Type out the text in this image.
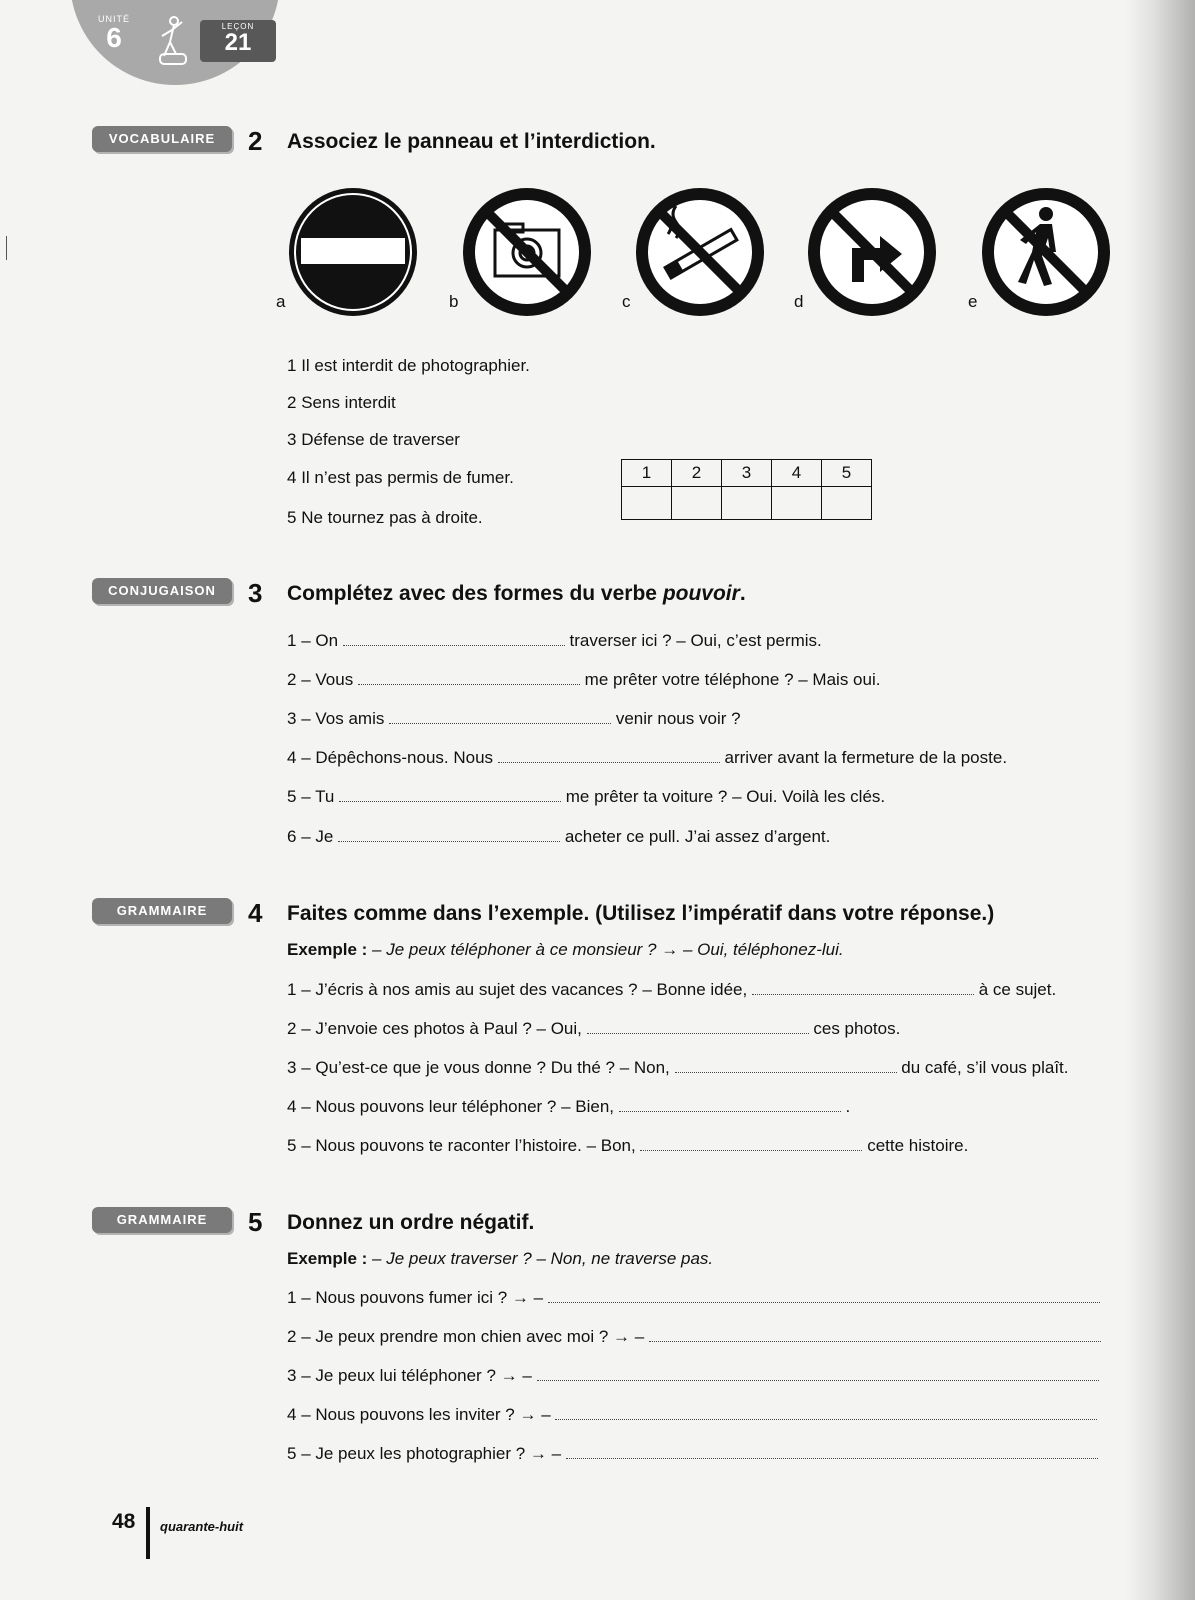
UNITÉ
6	LEÇON
21
VOCABULAIRE	2 Associez le panneau et l’interdiction.
a	b	c	d	e
1 Il est interdit de photographier.
2 Sens interdit
3 Défense de traverser
4 Il n’est pas permis de fumer.
5 Ne tournez pas à droite.
1	2	3	4	5

CONJUGAISON	3 Complétez avec des formes du verbe pouvoir.
1 – On	traverser ici ? – Oui, c’est permis.
2 – Vous	me prêter votre téléphone ? – Mais oui.
3 – Vos amis	venir nous voir ?
4 – Dépêchons-nous. Nous	arriver avant la fermeture de la poste.
5 – Tu	me prêter ta voiture ? – Oui. Voilà les clés.
6 – Je	acheter ce pull. J’ai assez d’argent.
GRAMMAIRE	4 Faites comme dans l’exemple. (Utilisez l’impératif dans votre réponse.)
Exemple : – Je peux téléphoner à ce monsieur ? → – Oui, téléphonez-lui.
1 – J’écris à nos amis au sujet des vacances ? – Bonne idée,	à ce sujet.
2 – J’envoie ces photos à Paul ? – Oui,	ces photos.
3 – Qu’est-ce que je vous donne ? Du thé ? – Non,	du café, s’il vous plaît.
4 – Nous pouvons leur téléphoner ? – Bien,	.
5 – Nous pouvons te raconter l’histoire. – Bon,	cette histoire.
GRAMMAIRE	5 Donnez un ordre négatif.
Exemple : – Je peux traverser ? – Non, ne traverse pas.
1 – Nous pouvons fumer ici ? → –
2 – Je peux prendre mon chien avec moi ? → –
3 – Je peux lui téléphoner ? → –
4 – Nous pouvons les inviter ? → –
5 – Je peux les photographier ? → –
48 quarante-huit
